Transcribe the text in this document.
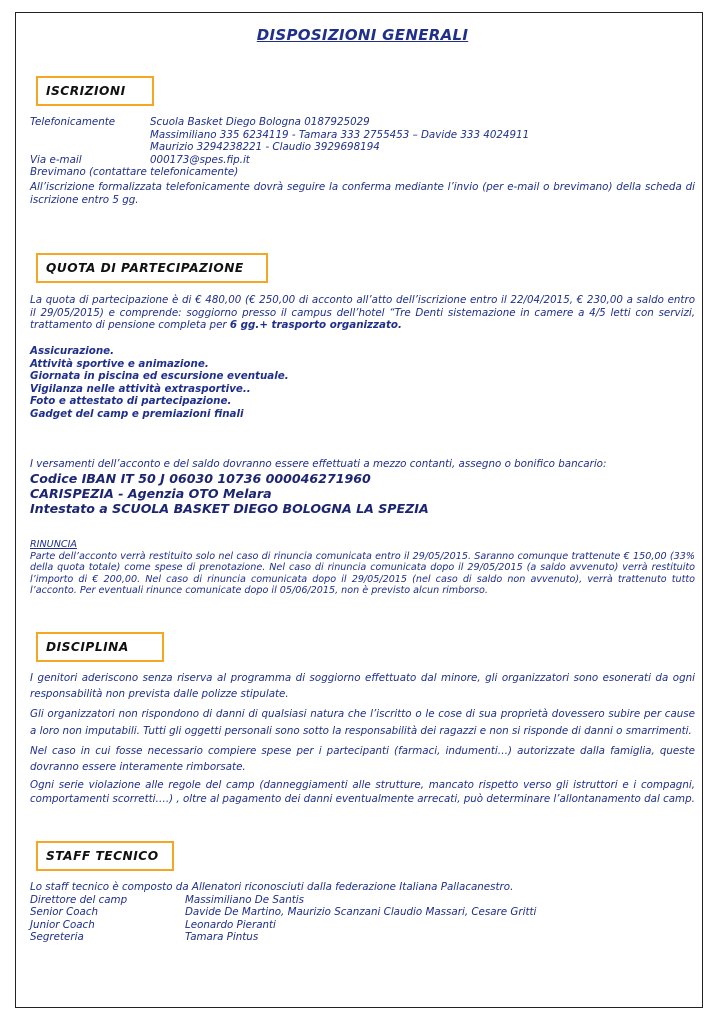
DISPOSIZIONI GENERALI
ISCRIZIONI
Telefonicamente	Scuola Basket Diego Bologna 0187925029
Massimiliano 335 6234119 - Tamara 333 2755453 – Davide 333 4024911
Maurizio 3294238221 - Claudio 3929698194
Via e-mail	000173@spes.fip.it
Brevimano (contattare telefonicamente)
All’iscrizione formalizzata telefonicamente dovrà seguire la conferma mediante l’invio (per e-mail o brevimano) della scheda di iscrizione entro 5 gg.
QUOTA DI PARTECIPAZIONE
La quota di partecipazione è di € 480,00 (€ 250,00 di acconto all’atto dell’iscrizione entro il 22/04/2015, € 230,00 a saldo entro il 29/05/2015) e comprende: soggiorno presso il campus dell’hotel “Tre Denti sistemazione in camere a 4/5 letti con servizi, trattamento di pensione completa per 6 gg.+ trasporto organizzato.
Assicurazione.
Attività sportive e animazione.
Giornata in piscina ed escursione eventuale.
Vigilanza nelle attività extrasportive..
Foto e attestato di partecipazione.
Gadget del camp e premiazioni finali
I versamenti dell’acconto e del saldo dovranno essere effettuati a mezzo contanti, assegno o bonifico bancario:
Codice IBAN IT 50 J 06030 10736 000046271960
CARISPEZIA - Agenzia OTO Melara
Intestato a SCUOLA BASKET DIEGO BOLOGNA LA SPEZIA
RINUNCIA
Parte dell’acconto verrà restituito solo nel caso di rinuncia comunicata entro il 29/05/2015. Saranno comunque trattenute € 150,00 (33% della quota totale) come spese di prenotazione. Nel caso di rinuncia comunicata dopo il 29/05/2015 (a saldo avvenuto) verrà restituito l’importo di € 200,00. Nel caso di rinuncia comunicata dopo il 29/05/2015 (nel caso di saldo non avvenuto), verrà trattenuto tutto l’acconto. Per eventuali rinunce comunicate dopo il 05/06/2015, non è previsto alcun rimborso.
DISCIPLINA

I genitori aderiscono senza riserva al programma di soggiorno effettuato dal minore, gli organizzatori sono esonerati da ogni responsabilità non prevista dalle polizze stipulate.

Gli organizzatori non rispondono di danni di qualsiasi natura che l’iscritto o le cose di sua proprietà dovessero subire per cause a loro non imputabili. Tutti gli oggetti personali sono sotto la responsabilità dei ragazzi e non si risponde di danni o smarrimenti.

Nel caso in cui fosse necessario compiere spese per i partecipanti (farmaci, indumenti…) autorizzate dalla famiglia, queste dovranno essere interamente rimborsate.

Ogni serie violazione alle regole del camp (danneggiamenti alle strutture, mancato rispetto verso gli istruttori e i compagni, comportamenti scorretti….) , oltre al pagamento dei danni eventualmente arrecati, può determinare l’allontanamento dal camp.

STAFF TECNICO
Lo staff tecnico è composto da Allenatori riconosciuti dalla federazione Italiana Pallacanestro.
Direttore del camp	Massimiliano De Santis
Senior Coach	Davide De Martino, Maurizio Scanzani Claudio Massari, Cesare Gritti
Junior Coach	Leonardo Pieranti
Segreteria	Tamara Pintus
